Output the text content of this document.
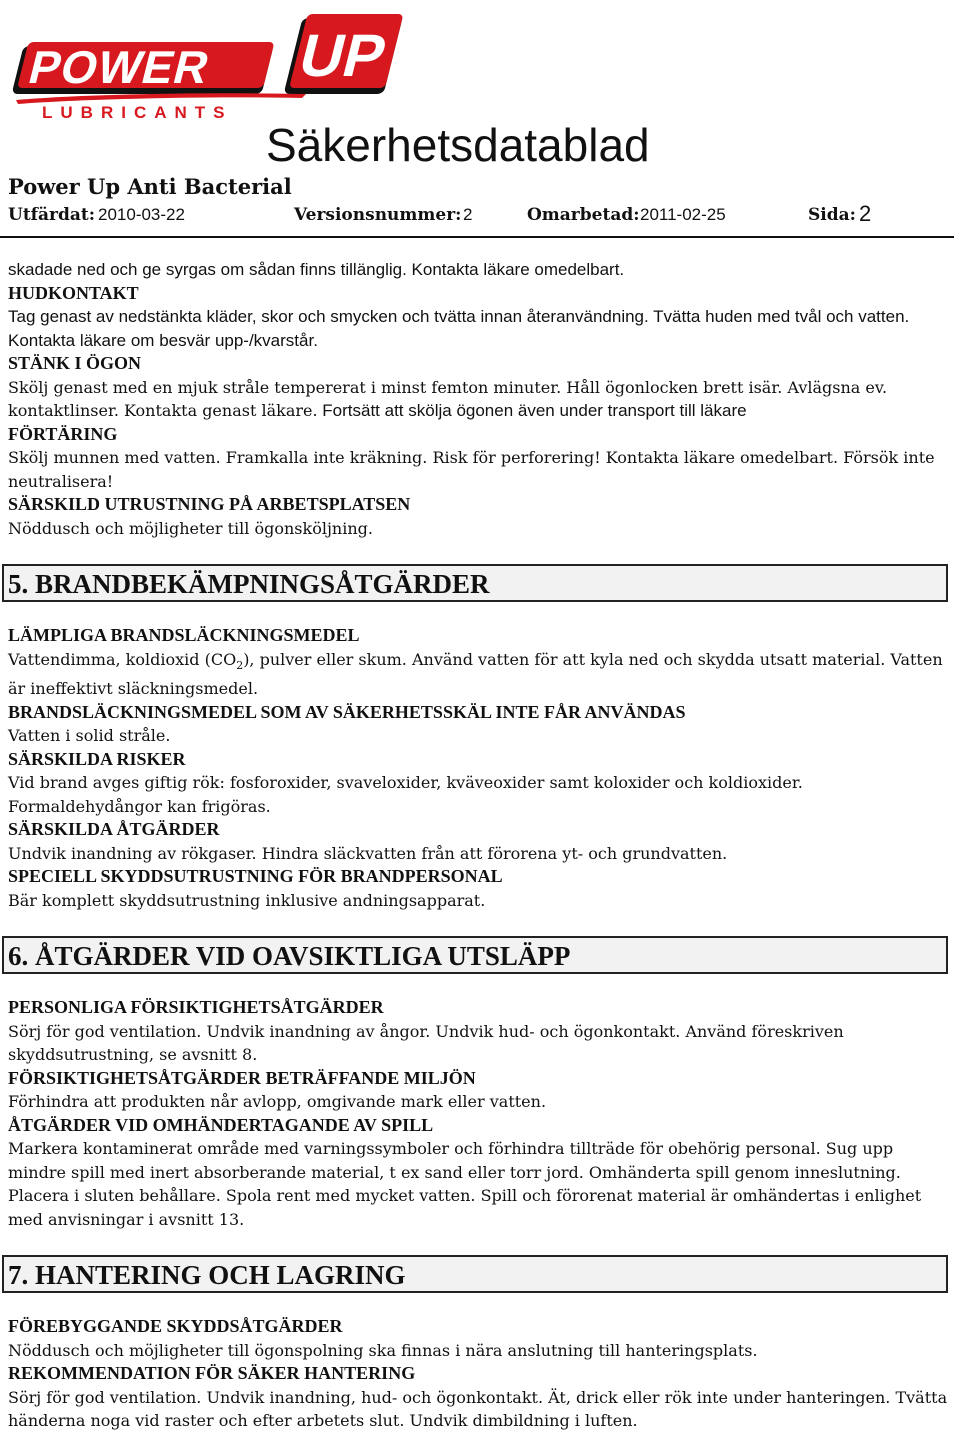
POWER UP
LUBRICANTS
Säkerhetsdatablad
Power Up Anti Bacterial
Utfärdat: 2010-03-22	Versionsnummer: 2	Omarbetad: 2011-02-25	Sida: 2

skadade ned och ge syrgas om sådan finns tillänglig. Kontakta läkare omedelbart.

HUDKONTAKT

Tag genast av nedstänkta kläder, skor och smycken och tvätta innan återanvändning. Tvätta huden med tvål och vatten. Kontakta läkare om besvär upp-/kvarstår.

STÄNK I ÖGON

Skölj genast med en mjuk stråle tempererat i minst femton minuter. Håll ögonlocken brett isär. Avlägsna ev. kontaktlinser. Kontakta genast läkare. Fortsätt att skölja ögonen även under transport till läkare

FÖRTÄRING

Skölj munnen med vatten. Framkalla inte kräkning. Risk för perforering! Kontakta läkare omedelbart. Försök inte neutralisera!

SÄRSKILD UTRUSTNING PÅ ARBETSPLATSEN

Nöddusch och möjligheter till ögonsköljning.

5. BRANDBEKÄMPNINGSÅTGÄRDER

LÄMPLIGA BRANDSLÄCKNINGSMEDEL

Vattendimma, koldioxid $(CO_2)$, pulver eller skum. Använd vatten för att kyla ned och skydda utsatt material. Vatten är ineffektivt släckningsmedel.

BRANDSLÄCKNINGSMEDEL SOM AV SÄKERHETSSKÄL INTE FÅR ANVÄNDAS

Vatten i solid stråle.

SÄRSKILDA RISKER

Vid brand avges giftig rök: fosforoxider, svaveloxider, kväveoxider samt koloxider och koldioxider. Formaldehydångor kan frigöras.

SÄRSKILDA ÅTGÄRDER

Undvik inandning av rökgaser. Hindra släckvatten från att förorena yt- och grundvatten.

SPECIELL SKYDDSUTRUSTNING FÖR BRANDPERSONAL

Bär komplett skyddsutrustning inklusive andningsapparat.

6. ÅTGÄRDER VID OAVSIKTLIGA UTSLÄPP

PERSONLIGA FÖRSIKTIGHETSÅTGÄRDER

Sörj för god ventilation. Undvik inandning av ångor. Undvik hud- och ögonkontakt. Använd föreskriven skyddsutrustning, se avsnitt 8.

FÖRSIKTIGHETSÅTGÄRDER BETRÄFFANDE MILJÖN

Förhindra att produkten når avlopp, omgivande mark eller vatten.

ÅTGÄRDER VID OMHÄNDERTAGANDE AV SPILL

Markera kontaminerat område med varningssymboler och förhindra tillträde för obehörig personal. Sug upp mindre spill med inert absorberande material, t ex sand eller torr jord. Omhänderta spill genom inneslutning. Placera i sluten behållare. Spola rent med mycket vatten. Spill och förorenat material är omhändertas i enlighet med anvisningar i avsnitt 13.

7. HANTERING OCH LAGRING

FÖREBYGGANDE SKYDDSÅTGÄRDER

Nöddusch och möjligheter till ögonspolning ska finnas i nära anslutning till hanteringsplats.

REKOMMENDATION FÖR SÄKER HANTERING

Sörj för god ventilation. Undvik inandning, hud- och ögonkontakt. Ät, drick eller rök inte under hanteringen. Tvätta händerna noga vid raster och efter arbetets slut. Undvik dimbildning i luften.
